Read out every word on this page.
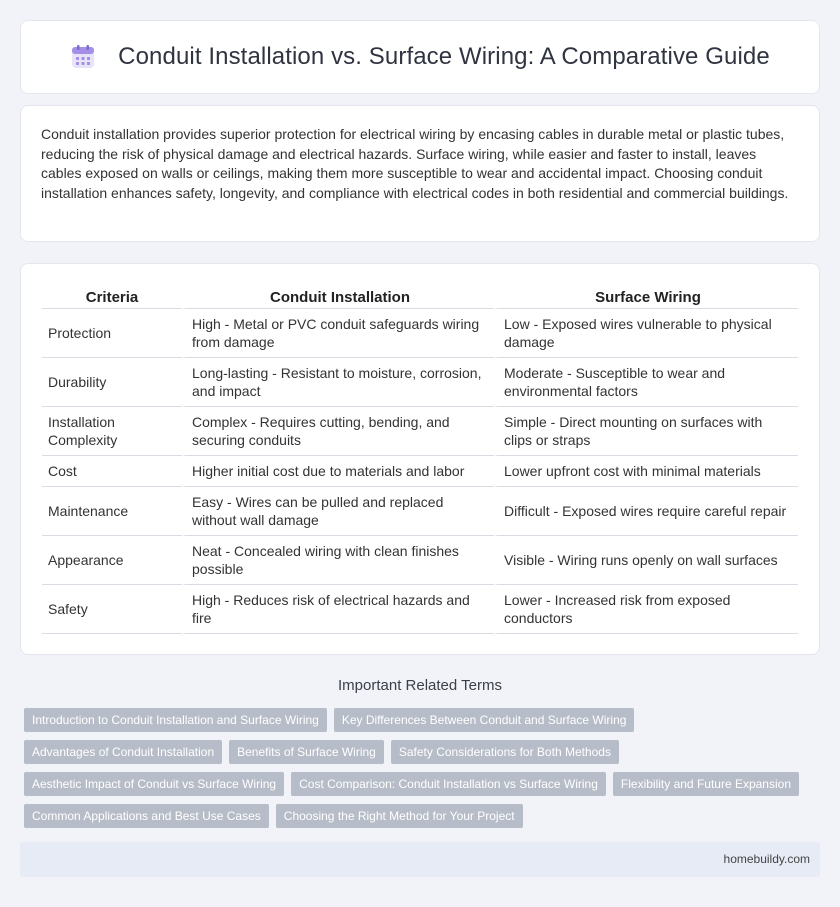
Conduit Installation vs. Surface Wiring: A Comparative Guide

Conduit installation provides superior protection for electrical wiring by encasing cables in durable metal or plastic tubes, reducing the risk of physical damage and electrical hazards. Surface wiring, while easier and faster to install, leaves cables exposed on walls or ceilings, making them more susceptible to wear and accidental impact. Choosing conduit installation enhances safety, longevity, and compliance with electrical codes in both residential and commercial buildings.

Criteria	Conduit Installation	Surface Wiring
Protection	High - Metal or PVC conduit safeguards wiring from damage	Low - Exposed wires vulnerable to physical damage
Durability	Long-lasting - Resistant to moisture, corrosion, and impact	Moderate - Susceptible to wear and environmental factors
Installation Complexity	Complex - Requires cutting, bending, and securing conduits	Simple - Direct mounting on surfaces with clips or straps
Cost	Higher initial cost due to materials and labor	Lower upfront cost with minimal materials
Maintenance	Easy - Wires can be pulled and replaced without wall damage	Difficult - Exposed wires require careful repair
Appearance	Neat - Concealed wiring with clean finishes possible	Visible - Wiring runs openly on wall surfaces
Safety	High - Reduces risk of electrical hazards and fire	Lower - Increased risk from exposed conductors
Important Related Terms
Introduction to Conduit Installation and Surface Wiring	Key Differences Between Conduit and Surface Wiring
Advantages of Conduit Installation	Benefits of Surface Wiring	Safety Considerations for Both Methods
Aesthetic Impact of Conduit vs Surface Wiring	Cost Comparison: Conduit Installation vs Surface Wiring	Flexibility and Future Expansion
Common Applications and Best Use Cases	Choosing the Right Method for Your Project
homebuildy.com
